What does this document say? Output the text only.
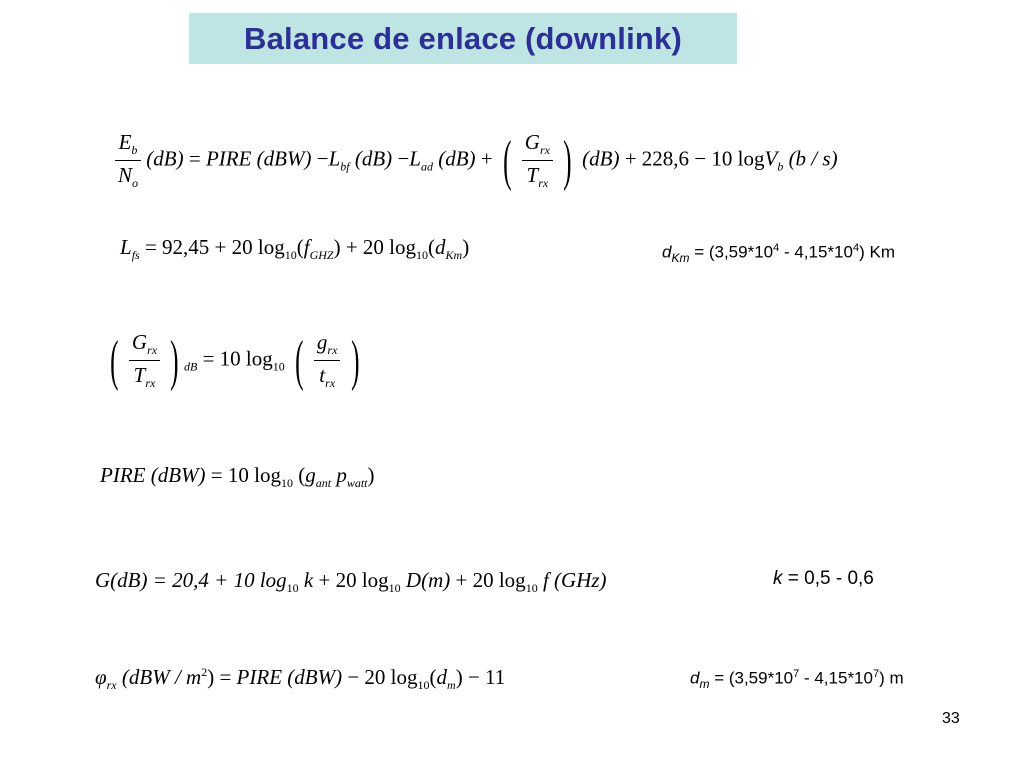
Balance de enlace (downlink)
$\frac{E_b}{N_o} (dB)$ = PIRE $(dBW) -L_{bf}$ $(dB) -L_{ad}$ (dB) + ( $\frac{G_{rx}}{T_{rx}}$ ) (dB) + 228,6 − 10 logV$_b$ (b / s)
$L_{fs} = 92,45 + 20$ $\log_{10}(f_{GHZ}) + 20$ $\log_{10}(d_{Km})$	$d_{Km} = (3,59*10^4 - 4,15*10^4)$ Km
( $\frac{G_{rx}}{T_{rx}}$ ) $_{dB}$ = 10 $\log_{10}$ ( $\frac{g_{rx}}{t_{rx}}$ )
PIRE (dBW) = 10 $\log_{10} (g_{ant}$ $p_{watt}$)
G(dB) = 20,4 + 10 $\log_{10} k + 20$ $\log_{10} D(m) + 20$ $\log_{10} f$ (GHz)	k = 0,5 - 0,6
$\varphi_{rx}$ $(dBW / m^2)$ = PIRE (dBW) − 20 $\log_{10}(d_m) - 11$	$d_m = (3,59*10^7 - 4,15*10^7)$ m
33
